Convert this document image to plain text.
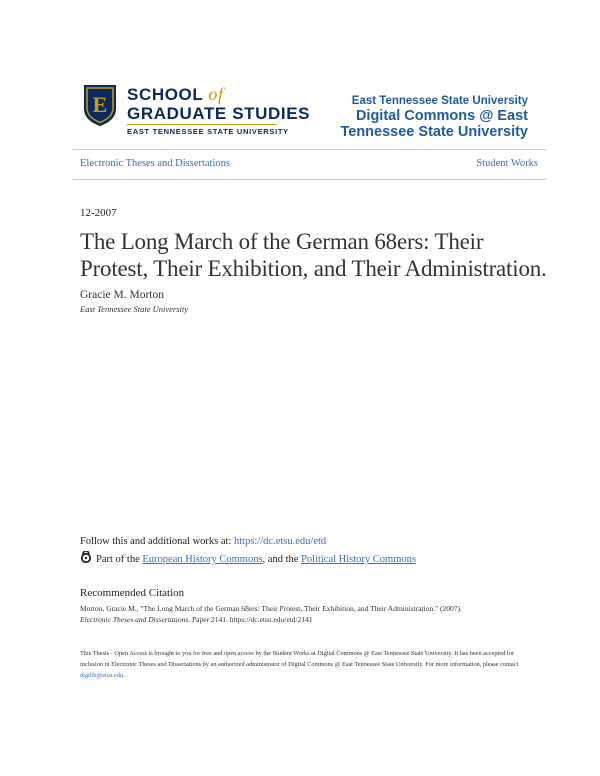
E SCHOOL of
GRADUATE STUDIES
EAST TENNESSEE STATE UNIVERSITY
East Tennessee State University
Digital Commons @ East Tennessee State University
Electronic Theses and Dissertations	Student Works
12-2007
The Long March of the German 68ers: Their Protest, Their Exhibition, and Their Administration.
Gracie M. Morton
East Tennessee State University
Follow this and additional works at: https://dc.etsu.edu/etd
Part of the European History Commons, and the Political History Commons
Recommended Citation
Morton, Gracie M., "The Long March of the German 68ers: Their Protest, Their Exhibition, and Their Administration." (2007).
Electronic Theses and Dissertations. Paper 2141. https://dc.etsu.edu/etd/2141
This Thesis - Open Access is brought to you for free and open access by the Student Works at Digital Commons @ East Tennessee State University. It has been accepted for inclusion in Electronic Theses and Dissertations by an authorized administrator of Digital Commons @ East Tennessee State University. For more information, please contact digilib@etsu.edu.
